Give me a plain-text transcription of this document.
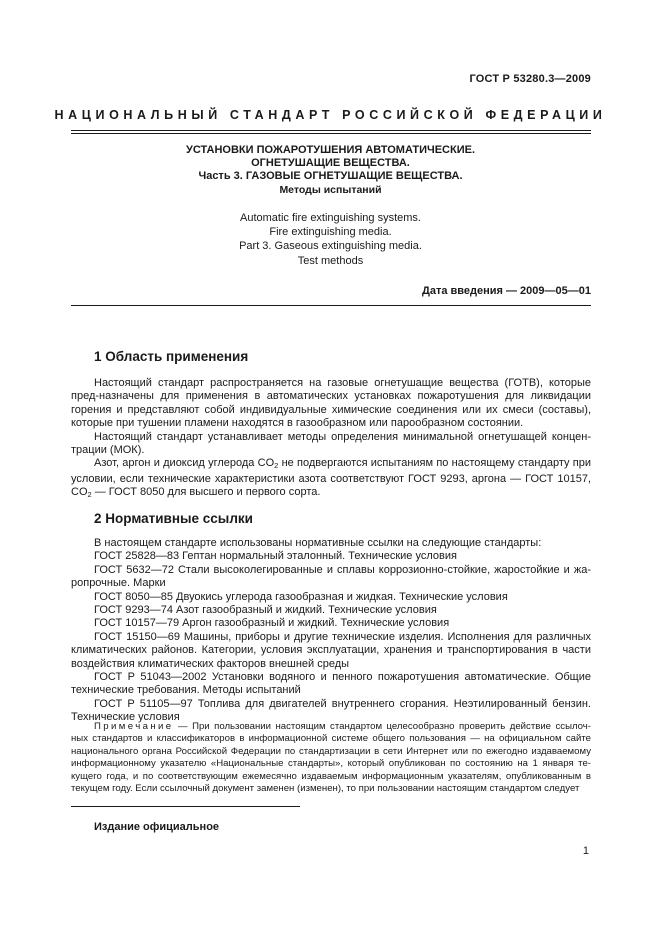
ГОСТ Р 53280.3—2009
НАЦИОНАЛЬНЫЙ СТАНДАРТ РОССИЙСКОЙ ФЕДЕРАЦИИ
УСТАНОВКИ ПОЖАРОТУШЕНИЯ АВТОМАТИЧЕСКИЕ.
ОГНЕТУШАЩИЕ ВЕЩЕСТВА.
Часть 3. ГАЗОВЫЕ ОГНЕТУШАЩИЕ ВЕЩЕСТВА.
Методы испытаний
Automatic fire extinguishing systems.
Fire extinguishing media.
Part 3. Gaseous extinguishing media.
Test methods
Дата введения — 2009—05—01
1 Область применения

Настоящий стандарт распространяется на газовые огнетушащие вещества (ГОТВ), которые пред-назначены для применения в автоматических установках пожаротушения для ликвидации горения и представляют собой индивидуальные химические соединения или их смеси (составы), которые при тушении пламени находятся в газообразном или парообразном состоянии.

Настоящий стандарт устанавливает методы определения минимальной огнетушащей концен-трации (МОК).

Азот, аргон и диоксид углерода $CO_2$ не подвергаются испытаниям по настоящему стандарту при условии, если технические характеристики азота соответствуют ГОСТ 9293, аргона — ГОСТ 10157, $CO_2$ — ГОСТ 8050 для высшего и первого сорта.

2 Нормативные ссылки

В настоящем стандарте использованы нормативные ссылки на следующие стандарты:

ГОСТ 25828—83 Гептан нормальный эталонный. Технические условия

ГОСТ 5632—72 Стали высоколегированные и сплавы коррозионно-стойкие, жаростойкие и жа-ропрочные. Марки

ГОСТ 8050—85 Двуокись углерода газообразная и жидкая. Технические условия

ГОСТ 9293—74 Азот газообразный и жидкий. Технические условия

ГОСТ 10157—79 Аргон газообразный и жидкий. Технические условия

ГОСТ 15150—69 Машины, приборы и другие технические изделия. Исполнения для различных климатических районов. Категории, условия эксплуатации, хранения и транспортирования в части воздействия климатических факторов внешней среды

ГОСТ Р 51043—2002 Установки водяного и пенного пожаротушения автоматические. Общие технические требования. Методы испытаний

ГОСТ Р 51105—97 Топлива для двигателей внутреннего сгорания. Неэтилированный бензин. Технические условия

Примечание — При пользовании настоящим стандартом целесообразно проверить действие ссылоч-ных стандартов и классификаторов в информационной системе общего пользования — на официальном сайте национального органа Российской Федерации по стандартизации в сети Интернет или по ежегодно издаваемому информационному указателю «Национальные стандарты», который опубликован по состоянию на 1 января те-кущего года, и по соответствующим ежемесячно издаваемым информационным указателям, опубликованным в текущем году. Если ссылочный документ заменен (изменен), то при пользовании настоящим стандартом следует

Издание официальное
1
